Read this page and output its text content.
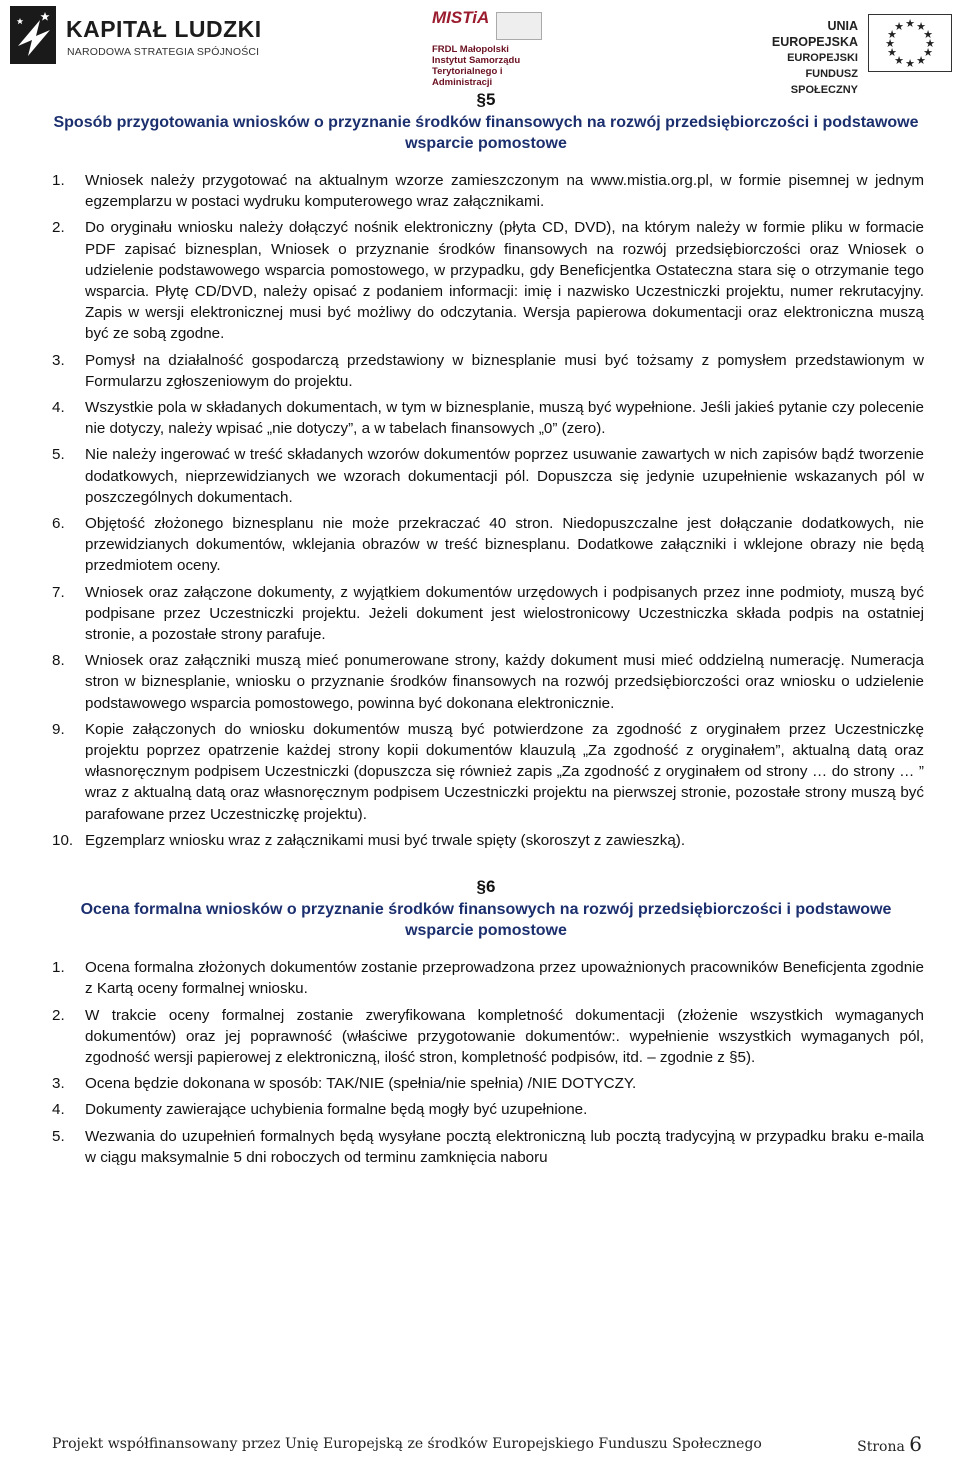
KAPITAŁ LUDZKI
NARODOWA STRATEGIA SPÓJNOŚCI
MISTiA
FRDL Małopolski Instytut Samorządu Terytorialnego i Administracji
UNIA EUROPEJSKA
EUROPEJSKI
FUNDUSZ SPOŁECZNY
★ ★
★
★
★
★
★
★
★
★
★
★
§5
Sposób przygotowania wniosków o przyznanie środków finansowych na rozwój przedsiębiorczości i podstawowe wsparcie pomostowe
1. Wniosek należy przygotować na aktualnym wzorze zamieszczonym na www.mistia.org.pl, w formie pisemnej w jednym egzemplarzu w postaci wydruku komputerowego wraz załącznikami.
2. Do oryginału wniosku należy dołączyć nośnik elektroniczny (płyta CD, DVD), na którym należy w formie pliku w formacie PDF zapisać biznesplan, Wniosek o przyznanie środków finansowych na rozwój przedsiębiorczości oraz Wniosek o udzielenie podstawowego wsparcia pomostowego, w przypadku, gdy Beneficjentka Ostateczna stara się o otrzymanie tego wsparcia. Płytę CD/DVD, należy opisać z podaniem informacji: imię i nazwisko Uczestniczki projektu, numer rekrutacyjny. Zapis w wersji elektronicznej musi być możliwy do odczytania. Wersja papierowa dokumentacji oraz elektroniczna muszą być ze sobą zgodne.
3. Pomysł na działalność gospodarczą przedstawiony w biznesplanie musi być tożsamy z pomysłem przedstawionym w Formularzu zgłoszeniowym do projektu.
4. Wszystkie pola w składanych dokumentach, w tym w biznesplanie, muszą być wypełnione. Jeśli jakieś pytanie czy polecenie nie dotyczy, należy wpisać „nie dotyczy”, a w tabelach finansowych „0” (zero).
5. Nie należy ingerować w treść składanych wzorów dokumentów poprzez usuwanie zawartych w nich zapisów bądź tworzenie dodatkowych, nieprzewidzianych we wzorach dokumentacji pól. Dopuszcza się jedynie uzupełnienie wskazanych pól w poszczególnych dokumentach.
6. Objętość złożonego biznesplanu nie może przekraczać 40 stron. Niedopuszczalne jest dołączanie dodatkowych, nie przewidzianych dokumentów, wklejania obrazów w treść biznesplanu. Dodatkowe załączniki i wklejone obrazy nie będą przedmiotem oceny.
7. Wniosek oraz załączone dokumenty, z wyjątkiem dokumentów urzędowych i podpisanych przez inne podmioty, muszą być podpisane przez Uczestniczki projektu. Jeżeli dokument jest wielostronicowy Uczestniczka składa podpis na ostatniej stronie, a pozostałe strony parafuje.
8. Wniosek oraz załączniki muszą mieć ponumerowane strony, każdy dokument musi mieć oddzielną numerację. Numeracja stron w biznesplanie, wniosku o przyznanie środków finansowych na rozwój przedsiębiorczości oraz wniosku o udzielenie podstawowego wsparcia pomostowego, powinna być dokonana elektronicznie.
9. Kopie załączonych do wniosku dokumentów muszą być potwierdzone za zgodność z oryginałem przez Uczestniczkę projektu poprzez opatrzenie każdej strony kopii dokumentów klauzulą „Za zgodność z oryginałem”, aktualną datą oraz własnoręcznym podpisem Uczestniczki (dopuszcza się również zapis „Za zgodność z oryginałem od strony … do strony … ” wraz z aktualną datą oraz własnoręcznym podpisem Uczestniczki projektu na pierwszej stronie, pozostałe strony muszą być parafowane przez Uczestniczkę projektu).
10. Egzemplarz wniosku wraz z załącznikami musi być trwale spięty (skoroszyt z zawieszką).
§6
Ocena formalna wniosków o przyznanie środków finansowych na rozwój przedsiębiorczości i podstawowe wsparcie pomostowe
1. Ocena formalna złożonych dokumentów zostanie przeprowadzona przez upoważnionych pracowników Beneficjenta zgodnie z Kartą oceny formalnej wniosku.
2. W trakcie oceny formalnej zostanie zweryfikowana kompletność dokumentacji (złożenie wszystkich wymaganych dokumentów) oraz jej poprawność (właściwe przygotowanie dokumentów:. wypełnienie wszystkich wymaganych pól, zgodność wersji papierowej z elektroniczną, ilość stron, kompletność podpisów, itd. – zgodnie z §5).
3. Ocena będzie dokonana w sposób: TAK/NIE (spełnia/nie spełnia) /NIE DOTYCZY.
4. Dokumenty zawierające uchybienia formalne będą mogły być uzupełnione.
5. Wezwania do uzupełnień formalnych będą wysyłane pocztą elektroniczną lub pocztą tradycyjną w przypadku braku e-maila w ciągu maksymalnie 5 dni roboczych od terminu zamknięcia naboru
Projekt współfinansowany przez Unię Europejską ze środków Europejskiego Funduszu Społecznego	Strona 6
